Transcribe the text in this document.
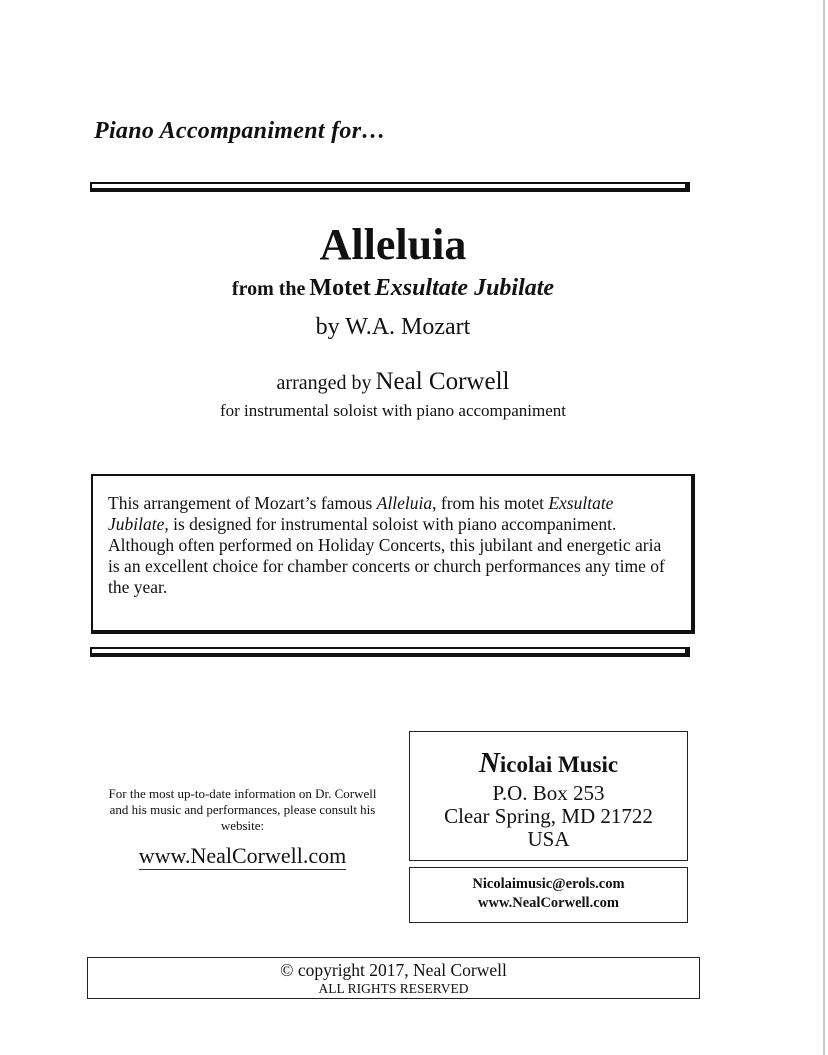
Piano Accompaniment for…
Alleluia
from the Motet Exsultate Jubilate
by W.A. Mozart
arranged by Neal Corwell
for instrumental soloist with piano accompaniment
This arrangement of Mozart’s famous Alleluia, from his motet Exsultate Jubilate, is designed for instrumental soloist with piano accompaniment. Although often performed on Holiday Concerts, this jubilant and energetic aria is an excellent choice for chamber concerts or church performances any time of the year.
For the most up-to-date information on Dr. Corwell and his music and performances, please consult his website:
www.NealCorwell.com
Nicolai Music
P.O. Box 253
Clear Spring, MD 21722
USA
Nicolaimusic@erols.com
www.NealCorwell.com
© copyright 2017, Neal Corwell
ALL RIGHTS RESERVED
